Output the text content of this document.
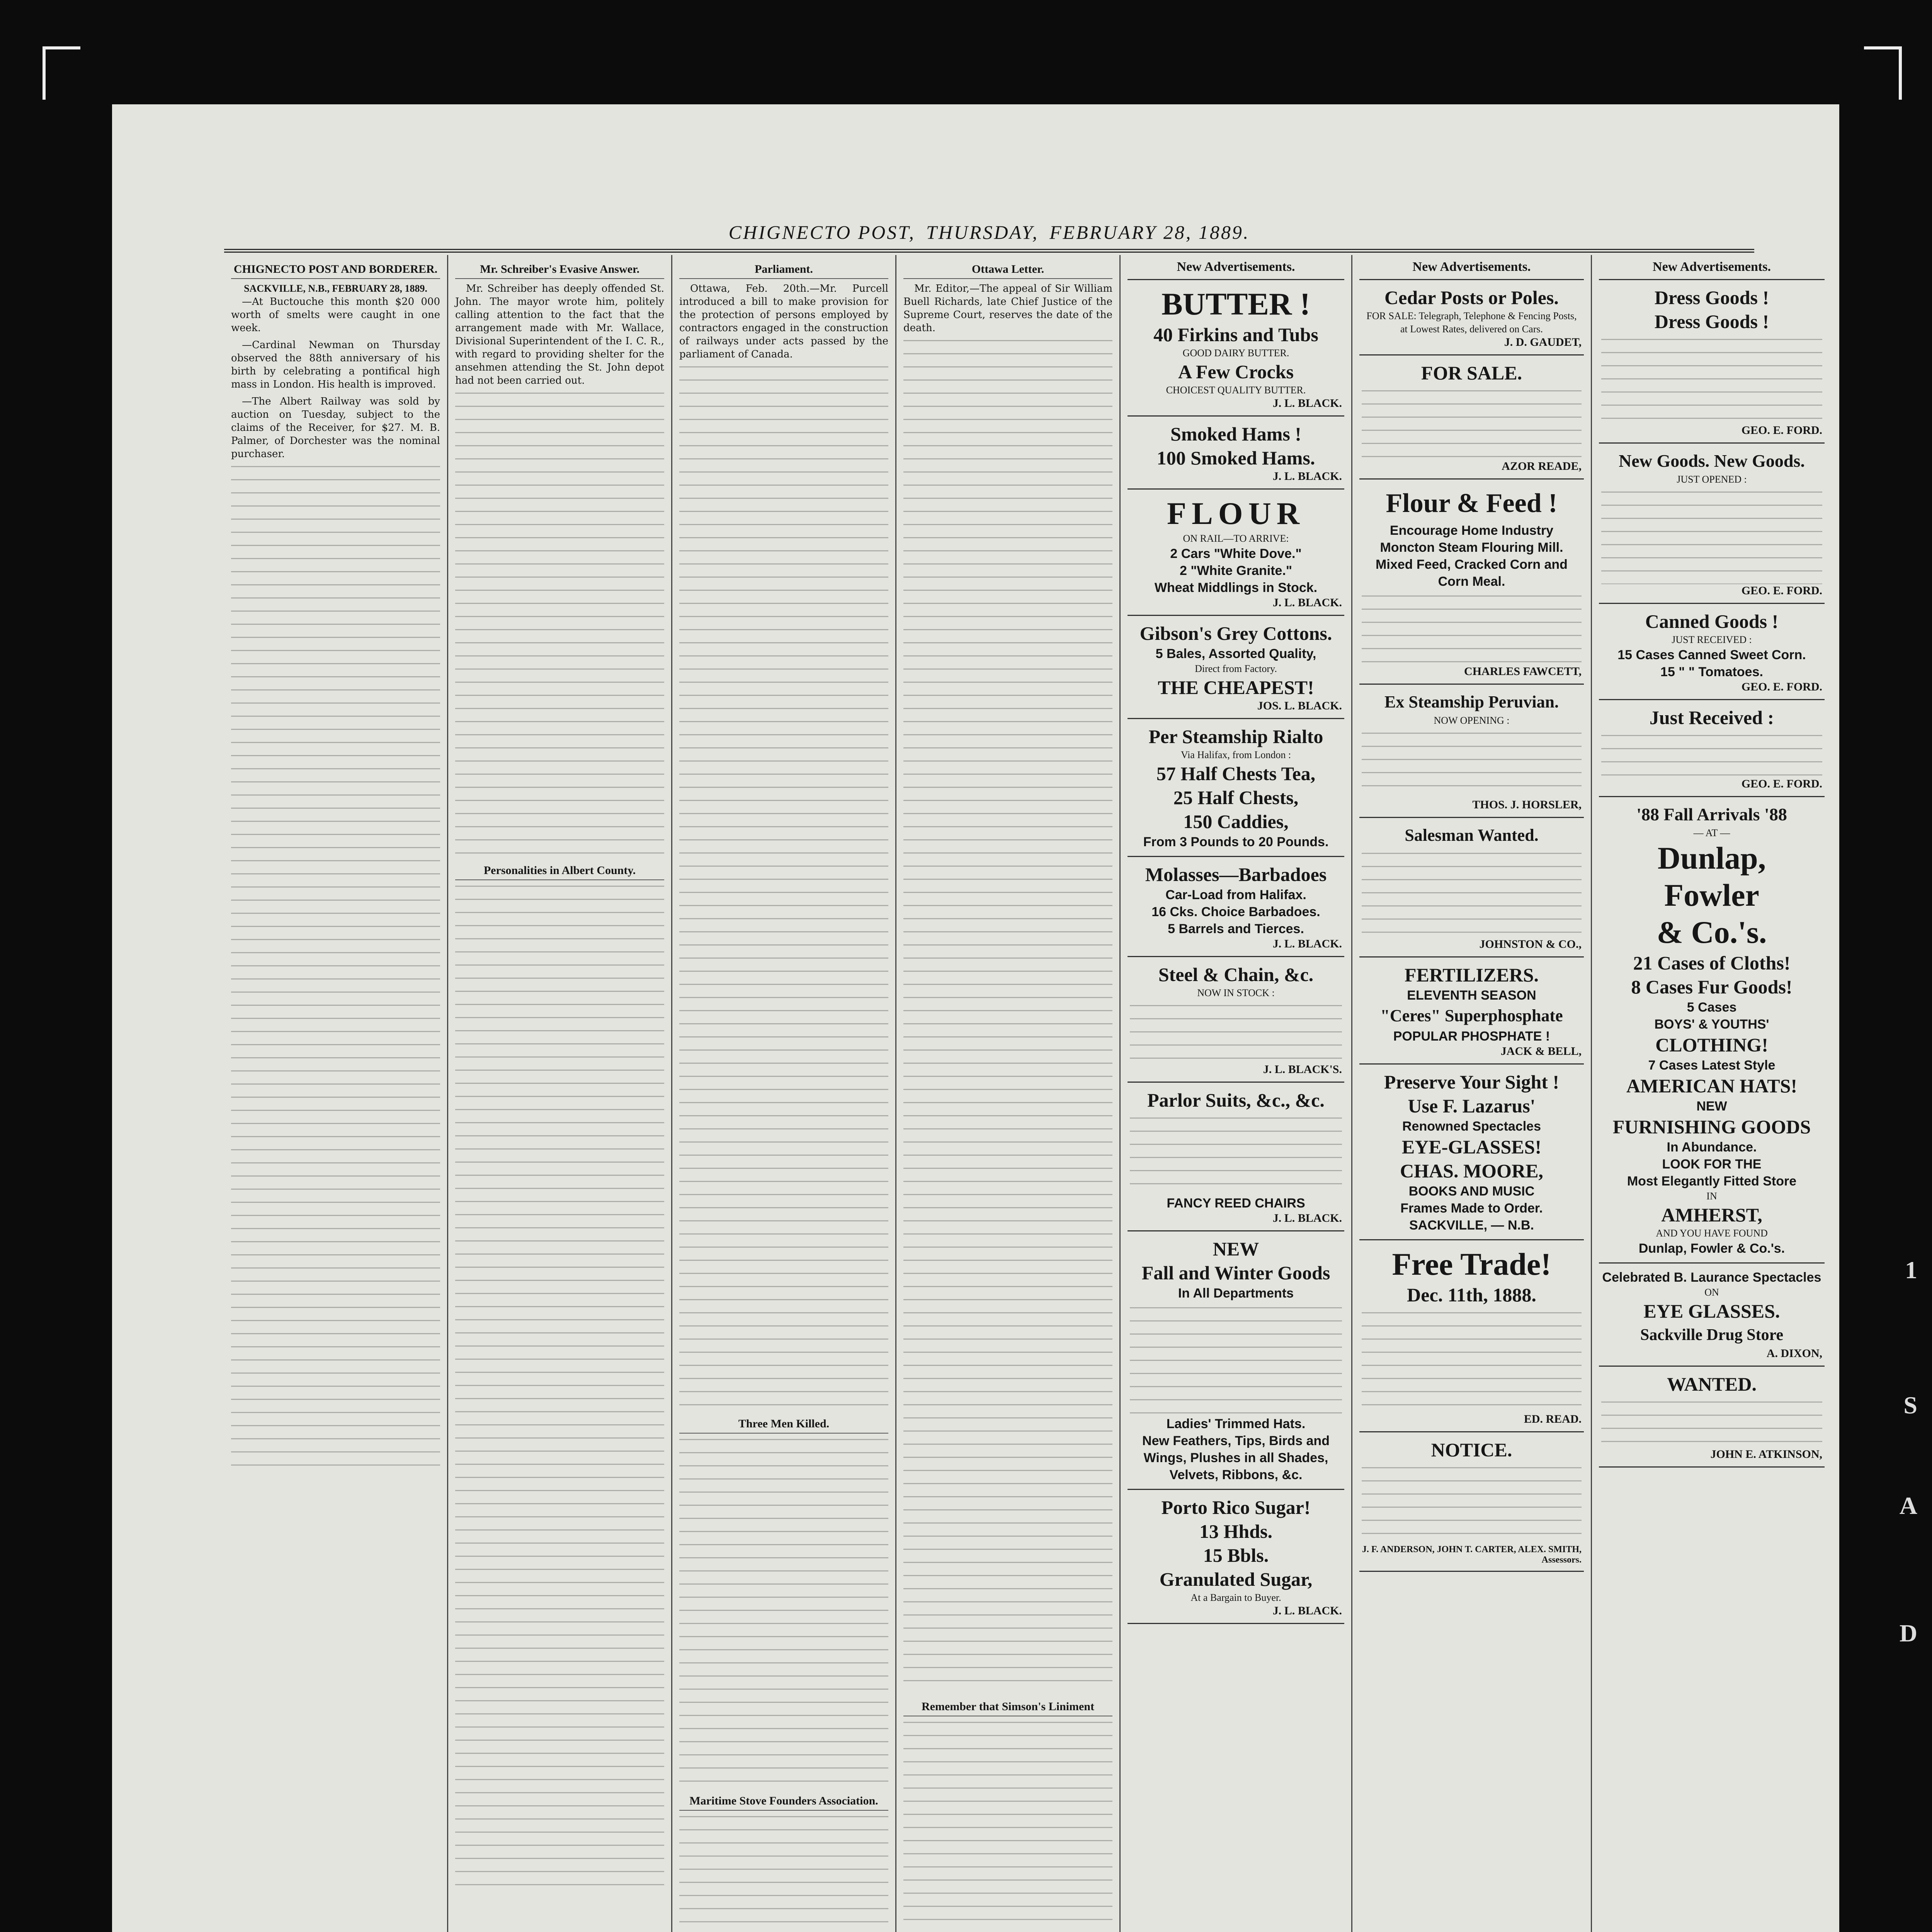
CHIGNECTO POST, THURSDAY, FEBRUARY 28, 1889.
CHIGNECTO POST AND BORDERER.
SACKVILLE, N.B., FEBRUARY 28, 1889.

—At Buctouche this month $20 000 worth of smelts were caught in one week.

—Cardinal Newman on Thursday observed the 88th anniversary of his birth by celebrating a pontifical high mass in London. His health is improved.

—The Albert Railway was sold by auction on Tuesday, subject to the claims of the Receiver, for $27. M. B. Palmer, of Dorchester was the nominal purchaser.

Mr. Schreiber's Evasive Answer.

Mr. Schreiber has deeply offended St. John. The mayor wrote him, politely calling attention to the fact that the arrangement made with Mr. Wallace, Divisional Superintendent of the I. C. R., with regard to providing shelter for the ansehmen attending the St. John depot had not been carried out.

Personalities in Albert County.
Parliament.

Ottawa, Feb. 20th.—Mr. Purcell introduced a bill to make provision for the protection of persons employed by contractors engaged in the construction of railways under acts passed by the parliament of Canada.

Three Men Killed.
Maritime Stove Founders Association.
Ottawa Letter.

Mr. Editor,—The appeal of Sir William Buell Richards, late Chief Justice of the Supreme Court, reserves the date of the death.

Remember that Simson's Liniment
New Advertisements.
BUTTER !
40 Firkins and Tubs
GOOD DAIRY BUTTER.
A Few Crocks
CHOICEST QUALITY BUTTER.
J. L. BLACK.
Smoked Hams !
100 Smoked Hams.
J. L. BLACK.
FLOUR
ON RAIL—TO ARRIVE:
2 Cars "White Dove."
2 "White Granite."
Wheat Middlings in Stock.
J. L. BLACK.
Gibson's Grey Cottons.
5 Bales, Assorted Quality,
Direct from Factory.
THE CHEAPEST!
JOS. L. BLACK.
Per Steamship Rialto
Via Halifax, from London :
57 Half Chests Tea,
25 Half Chests,
150 Caddies,
From 3 Pounds to 20 Pounds.
Molasses—Barbadoes
Car-Load from Halifax.
16 Cks. Choice Barbadoes.
5 Barrels and Tierces.
J. L. BLACK.
Steel & Chain, &c.
NOW IN STOCK :
J. L. BLACK'S.
Parlor Suits, &c., &c.
FANCY REED CHAIRS
J. L. BLACK.
NEW
Fall and Winter Goods
In All Departments
Ladies' Trimmed Hats.
New Feathers, Tips, Birds and Wings, Plushes in all Shades, Velvets, Ribbons, &c.
Porto Rico Sugar!
13 Hhds.
15 Bbls.
Granulated Sugar,
At a Bargain to Buyer.
J. L. BLACK.
New Advertisements.
Cedar Posts or Poles.
FOR SALE: Telegraph, Telephone & Fencing Posts, at Lowest Rates, delivered on Cars.
J. D. GAUDET,
FOR SALE.
AZOR READE,
Flour & Feed !
Encourage Home Industry
Moncton Steam Flouring Mill.
Mixed Feed, Cracked Corn and Corn Meal.
CHARLES FAWCETT,
Ex Steamship Peruvian.
NOW OPENING :
THOS. J. HORSLER,
Salesman Wanted.
JOHNSTON & CO.,
FERTILIZERS.
ELEVENTH SEASON
"Ceres" Superphosphate
POPULAR PHOSPHATE !
JACK & BELL,
Preserve Your Sight !
Use F. Lazarus'
Renowned Spectacles
EYE-GLASSES!
CHAS. MOORE,
BOOKS AND MUSIC
Frames Made to Order.
SACKVILLE, — N.B.
Free Trade!
Dec. 11th, 1888.
ED. READ.
NOTICE.
J. F. ANDERSON, JOHN T. CARTER, ALEX. SMITH, Assessors.
New Advertisements.
Dress Goods !
Dress Goods !
GEO. E. FORD.
New Goods. New Goods.
JUST OPENED :
GEO. E. FORD.
Canned Goods !
JUST RECEIVED :
15 Cases Canned Sweet Corn.
15 " " Tomatoes.
GEO. E. FORD.
Just Received :
GEO. E. FORD.
'88 Fall Arrivals '88
— AT —
Dunlap,
Fowler
& Co.'s.
21 Cases of Cloths!
8 Cases Fur Goods!
5 Cases
BOYS' & YOUTHS'
CLOTHING!
7 Cases Latest Style
AMERICAN HATS!
NEW
FURNISHING GOODS
In Abundance.
LOOK FOR THE
Most Elegantly Fitted Store
IN
AMHERST,
AND YOU HAVE FOUND
Dunlap, Fowler & Co.'s.
Celebrated B. Laurance Spectacles
ON
EYE GLASSES.
Sackville Drug Store
A. DIXON,
WANTED.
JOHN E. ATKINSON,
1
S
A
D
